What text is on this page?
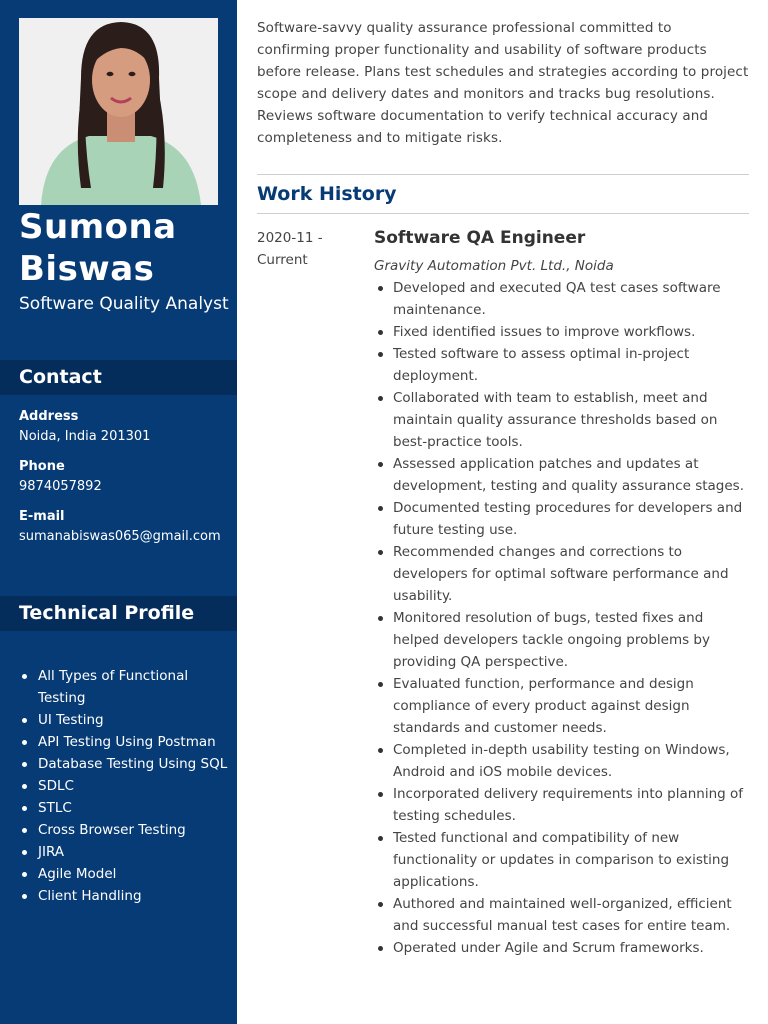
Sumona
Biswas
Software Quality Analyst
Contact
Address
Noida, India 201301
Phone
9874057892
E-mail
sumanabiswas065@gmail.com
Technical Profile
All Types of Functional Testing
UI Testing
API Testing Using Postman
Database Testing Using SQL
SDLC
STLC
Cross Browser Testing
JIRA
Agile Model
Client Handling

Software-savvy quality assurance professional committed to confirming proper functionality and usability of software products before release. Plans test schedules and strategies according to project scope and delivery dates and monitors and tracks bug resolutions. Reviews software documentation to verify technical accuracy and completeness and to mitigate risks.

Work History
2020-11 -
Current
Software QA Engineer
Gravity Automation Pvt. Ltd., Noida
Developed and executed QA test cases software maintenance.
Fixed identified issues to improve workflows.
Tested software to assess optimal in-project deployment.
Collaborated with team to establish, meet and maintain quality assurance thresholds based on best-practice tools.
Assessed application patches and updates at development, testing and quality assurance stages.
Documented testing procedures for developers and future testing use.
Recommended changes and corrections to developers for optimal software performance and usability.
Monitored resolution of bugs, tested fixes and helped developers tackle ongoing problems by providing QA perspective.
Evaluated function, performance and design compliance of every product against design standards and customer needs.
Completed in-depth usability testing on Windows, Android and iOS mobile devices.
Incorporated delivery requirements into planning of testing schedules.
Tested functional and compatibility of new functionality or updates in comparison to existing applications.
Authored and maintained well-organized, efficient and successful manual test cases for entire team.
Operated under Agile and Scrum frameworks.
